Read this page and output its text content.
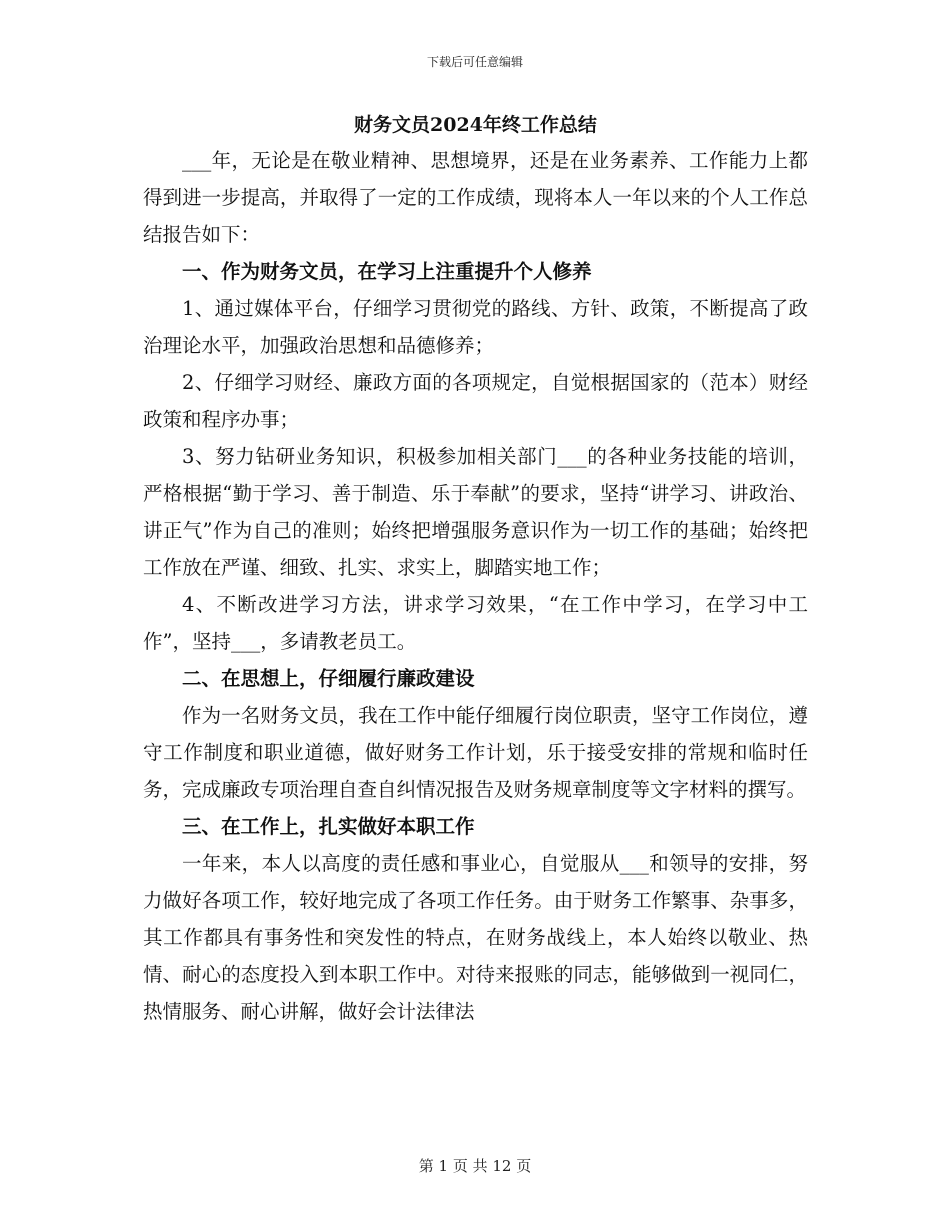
下载后可任意编辑
财务文员2024年终工作总结

___年，无论是在敬业精神、思想境界，还是在业务素养、工作能力上都得到进一步提高，并取得了一定的工作成绩，现将本人一年以来的个人工作总结报告如下：

一、作为财务文员，在学习上注重提升个人修养

1、通过媒体平台，仔细学习贯彻党的路线、方针、政策，不断提高了政治理论水平，加强政治思想和品德修养；

2、仔细学习财经、廉政方面的各项规定，自觉根据国家的（范本）财经政策和程序办事；

3、努力钻研业务知识，积极参加相关部门___的各种业务技能的培训，严格根据“勤于学习、善于制造、乐于奉献”的要求，坚持“讲学习、讲政治、讲正气”作为自己的准则；始终把增强服务意识作为一切工作的基础；始终把工作放在严谨、细致、扎实、求实上，脚踏实地工作；

4、不断改进学习方法，讲求学习效果，“在工作中学习，在学习中工作”，坚持___，多请教老员工。

二、在思想上，仔细履行廉政建设

作为一名财务文员，我在工作中能仔细履行岗位职责，坚守工作岗位，遵守工作制度和职业道德，做好财务工作计划，乐于接受安排的常规和临时任务，完成廉政专项治理自查自纠情况报告及财务规章制度等文字材料的撰写。

三、在工作上，扎实做好本职工作

一年来，本人以高度的责任感和事业心，自觉服从___和领导的安排，努力做好各项工作，较好地完成了各项工作任务。由于财务工作繁事、杂事多，其工作都具有事务性和突发性的特点，在财务战线上，本人始终以敬业、热情、耐心的态度投入到本职工作中。对待来报账的同志，能够做到一视同仁，热情服务、耐心讲解，做好会计法律法

第 1 页 共 12 页
